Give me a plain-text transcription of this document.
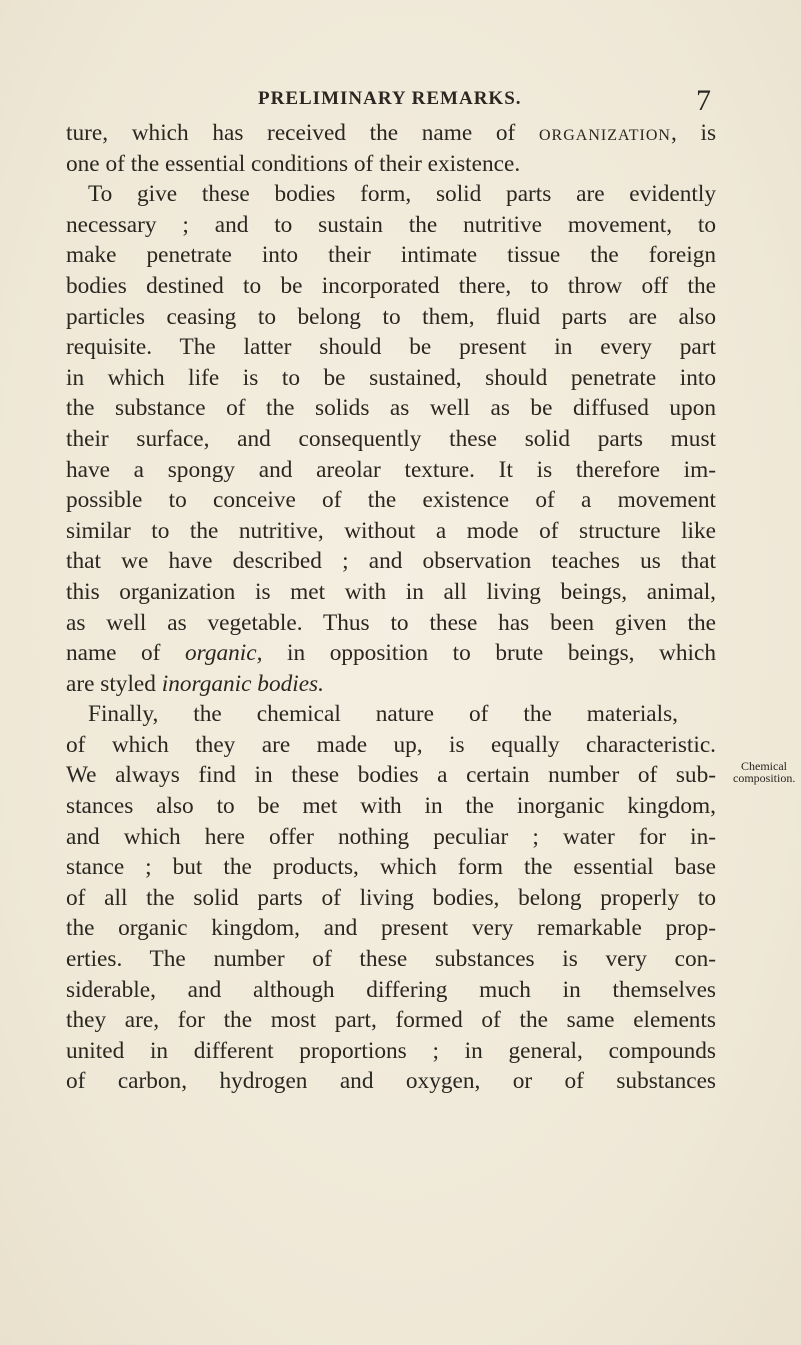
PRELIMINARY REMARKS.	7
ture, which has received the name of organization, is
one of the essential conditions of their existence.
To give these bodies form, solid parts are evidently
necessary ; and to sustain the nutritive movement, to
make penetrate into their intimate tissue the foreign
bodies destined to be incorporated there, to throw off the
particles ceasing to belong to them, fluid parts are also
requisite. The latter should be present in every part
in which life is to be sustained, should penetrate into
the substance of the solids as well as be diffused upon
their surface, and consequently these solid parts must
have a spongy and areolar texture. It is therefore im-
possible to conceive of the existence of a movement
similar to the nutritive, without a mode of structure like
that we have described ; and observation teaches us that
this organization is met with in all living beings, animal,
as well as vegetable. Thus to these has been given the
name of organic, in opposition to brute beings, which
are styled inorganic bodies.
Finally, the chemical nature of the materials,
of which they are made up, is equally characteristic.
We always find in these bodies a certain number of sub-
stances also to be met with in the inorganic kingdom,
and which here offer nothing peculiar ; water for in-
stance ; but the products, which form the essential base
of all the solid parts of living bodies, belong properly to
the organic kingdom, and present very remarkable prop-
erties. The number of these substances is very con-
siderable, and although differing much in themselves
they are, for the most part, formed of the same elements
united in different proportions ; in general, compounds
of carbon, hydrogen and oxygen, or of substances
Chemical
composition.
